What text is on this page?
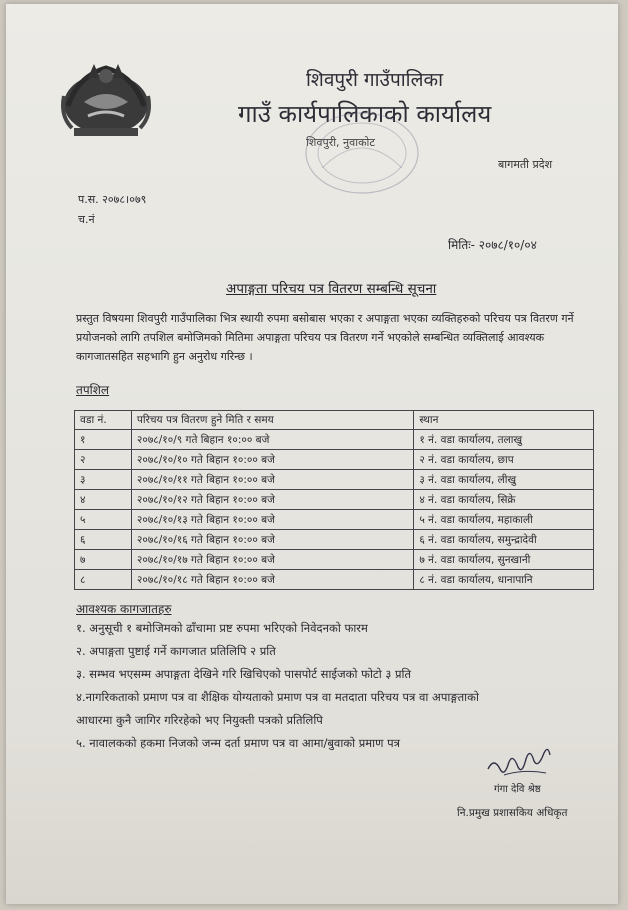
शिवपुरी गाउँपालिका
गाउँ कार्यपालिकाको कार्यालय
शिवपुरी, नुवाकोट
बागमती प्रदेश
प.स. २०७८।०७९
च.नं
मितिः- २०७८/१०/०४
अपाङ्गता परिचय पत्र वितरण सम्बन्धि सूचना
प्रस्तुत विषयमा शिवपुरी गाउँपालिका भित्र स्थायी रुपमा बसोबास भएका र अपाङ्गता भएका व्यक्तिहरुको परिचय पत्र वितरण गर्ने प्रयोजनको लागि तपशिल बमोजिमको मितिमा अपाङ्गता परिचय पत्र वितरण गर्ने भएकोले सम्बन्धित व्यक्तिलाई आवश्यक कागजातसहित सहभागि हुन अनुरोध गरिन्छ ।
तपशिल
वडा नं.	परिचय पत्र वितरण हुने मिति र समय	स्थान
१	२०७८/१०/९ गते बिहान १०:०० बजे	१ नं. वडा कार्यालय, तलाखु
२	२०७८/१०/१० गते बिहान १०:०० बजे	२ नं. वडा कार्यालय, छाप
३	२०७८/१०/११ गते बिहान १०:०० बजे	३ नं. वडा कार्यालय, लीखु
४	२०७८/१०/१२ गते बिहान १०:०० बजे	४ नं. वडा कार्यालय, सिक्रे
५	२०७८/१०/१३ गते बिहान १०:०० बजे	५ नं. वडा कार्यालय, महाकाली
६	२०७८/१०/१६ गते बिहान १०:०० बजे	६ नं. वडा कार्यालय, समुन्द्रादेवी
७	२०७८/१०/१७ गते बिहान १०:०० बजे	७ नं. वडा कार्यालय, सुनखानी
८	२०७८/१०/१८ गते बिहान १०:०० बजे	८ नं. वडा कार्यालय, धानापानि
आवश्यक कागजातहरु
१. अनुसूची १ बमोजिमको ढाँचामा प्रष्ट रुपमा भरिएको निवेदनको फारम
२. अपाङ्गता पुष्टाई गर्ने कागजात प्रतिलिपि २ प्रति
३. सम्भव भएसम्म अपाङ्गता देखिने गरि खिचिएको पासपोर्ट साईजको फोटो ३ प्रति
४.नागरिकताको प्रमाण पत्र वा शैक्षिक योग्यताको प्रमाण पत्र वा मतदाता परिचय पत्र वा अपाङ्गताको
आधारमा कुनै जागिर गरिरहेको भए नियुक्ती पत्रको प्रतिलिपि
५. नावालकको हकमा निजको जन्म दर्ता प्रमाण पत्र वा आमा/बुवाको प्रमाण पत्र
गंगा देवि श्रेष्ठ
नि.प्रमुख प्रशासकिय अधिकृत
